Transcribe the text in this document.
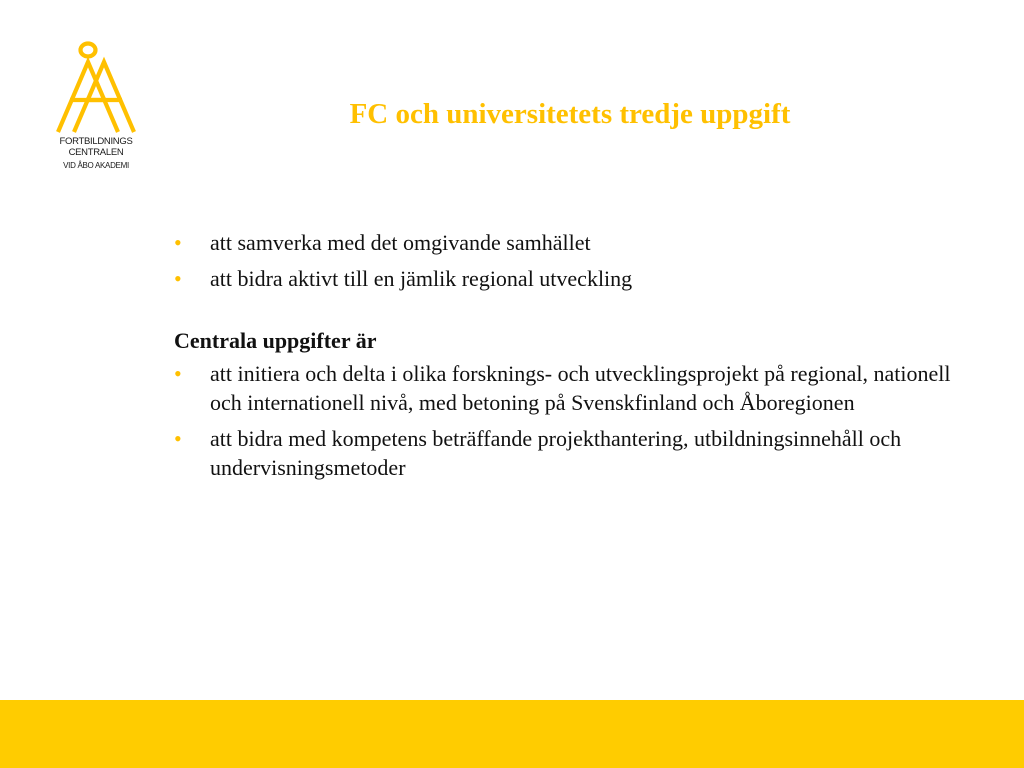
FORTBILDNINGS
CENTRALEN
VID ÅBO AKADEMI
FC och universitetets tredje uppgift
• att samverka med det omgivande samhället
• att bidra aktivt till en jämlik regional utveckling

Centrala uppgifter är

• att initiera och delta i olika forsknings- och utvecklingsprojekt på regional, nationell och internationell nivå, med betoning på Svenskfinland och Åboregionen
• att bidra med kompetens beträffande projekthantering, utbildningsinnehåll och undervisningsmetoder
